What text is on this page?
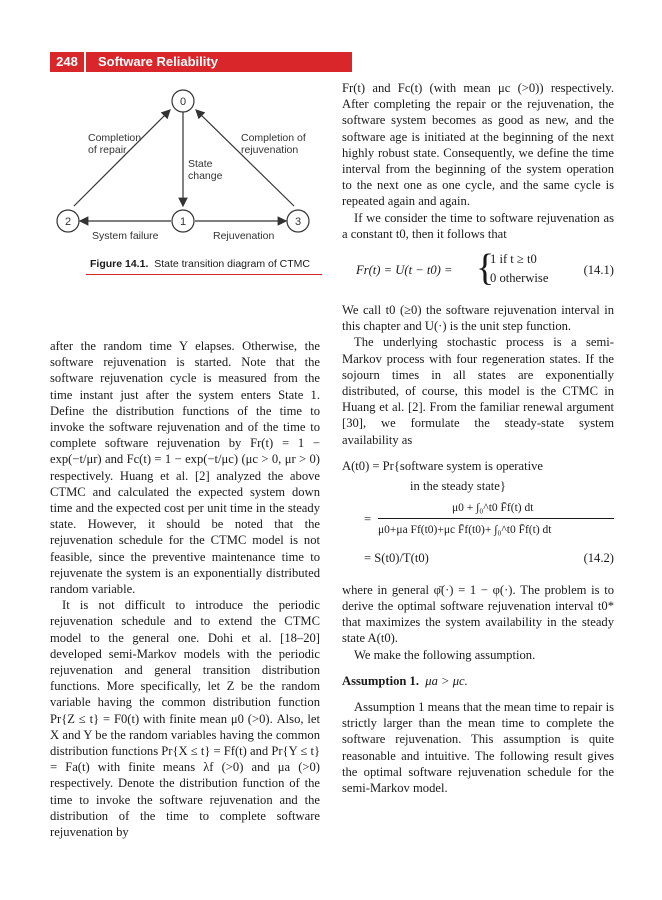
248	Software Reliability
0
1
2	3
Completion
of repair
Completion of
rejuvenation
State
change
System failure	Rejuvenation
Figure 14.1. State transition diagram of CTMC

after the random time Y elapses. Otherwise, the software rejuvenation is started. Note that the software rejuvenation cycle is measured from the time instant just after the system enters State 1. Define the distribution functions of the time to invoke the software rejuvenation and of the time to complete software rejuvenation by Fr(t) = 1 − exp(−t/μr) and Fc(t) = 1 − exp(−t/μc) (μc > 0, μr > 0) respectively. Huang et al. [2] analyzed the above CTMC and calculated the expected system down time and the expected cost per unit time in the steady state. However, it should be noted that the rejuvenation schedule for the CTMC model is not feasible, since the preventive maintenance time to rejuvenate the system is an exponentially distributed random variable.

It is not difficult to introduce the periodic rejuvenation schedule and to extend the CTMC model to the general one. Dohi et al. [18–20] developed semi-Markov models with the periodic rejuvenation and general transition distribution functions. More specifically, let Z be the random variable having the common distribution function Pr{Z ≤ t} = F0(t) with finite mean μ0 (>0). Also, let X and Y be the random variables having the common distribution functions Pr{X ≤ t} = Ff(t) and Pr{Y ≤ t} = Fa(t) with finite means λf (>0) and μa (>0) respectively. Denote the distribution function of the time to invoke the software rejuvenation and the distribution of the time to complete software rejuvenation by

Fr(t) and Fc(t) (with mean μc (>0)) respectively. After completing the repair or the rejuvenation, the software system becomes as good as new, and the software age is initiated at the beginning of the next highly robust state. Consequently, we define the time interval from the beginning of the system operation to the next one as one cycle, and the same cycle is repeated again and again.

If we consider the time to software rejuvenation as a constant t0, then it follows that

Fr(t) = U(t − t0) = {
1 if t ≥ t0
0 otherwise
(14.1)

We call t0 (≥0) the software rejuvenation interval in this chapter and U(·) is the unit step function.

The underlying stochastic process is a semi-Markov process with four regeneration states. If the sojourn times in all states are exponentially distributed, of course, this model is the CTMC in Huang et al. [2]. From the familiar renewal argument [30], we formulate the steady-state system availability as

A(t0) = Pr{software system is operative
in the steady state}
=
μ0 + ∫₀^t0 F̄f(t) dt
μ0+μa Ff(t0)+μc F̄f(t0)+ ∫₀^t0 F̄f(t) dt
= S(t0)/T(t0)	(14.2)

where in general φ̄(·) = 1 − φ(·). The problem is to derive the optimal software rejuvenation interval t0* that maximizes the system availability in the steady state A(t0).

We make the following assumption.

Assumption 1. μa > μc.

Assumption 1 means that the mean time to repair is strictly larger than the mean time to complete the software rejuvenation. This assumption is quite reasonable and intuitive. The following result gives the optimal software rejuvenation schedule for the semi-Markov model.
